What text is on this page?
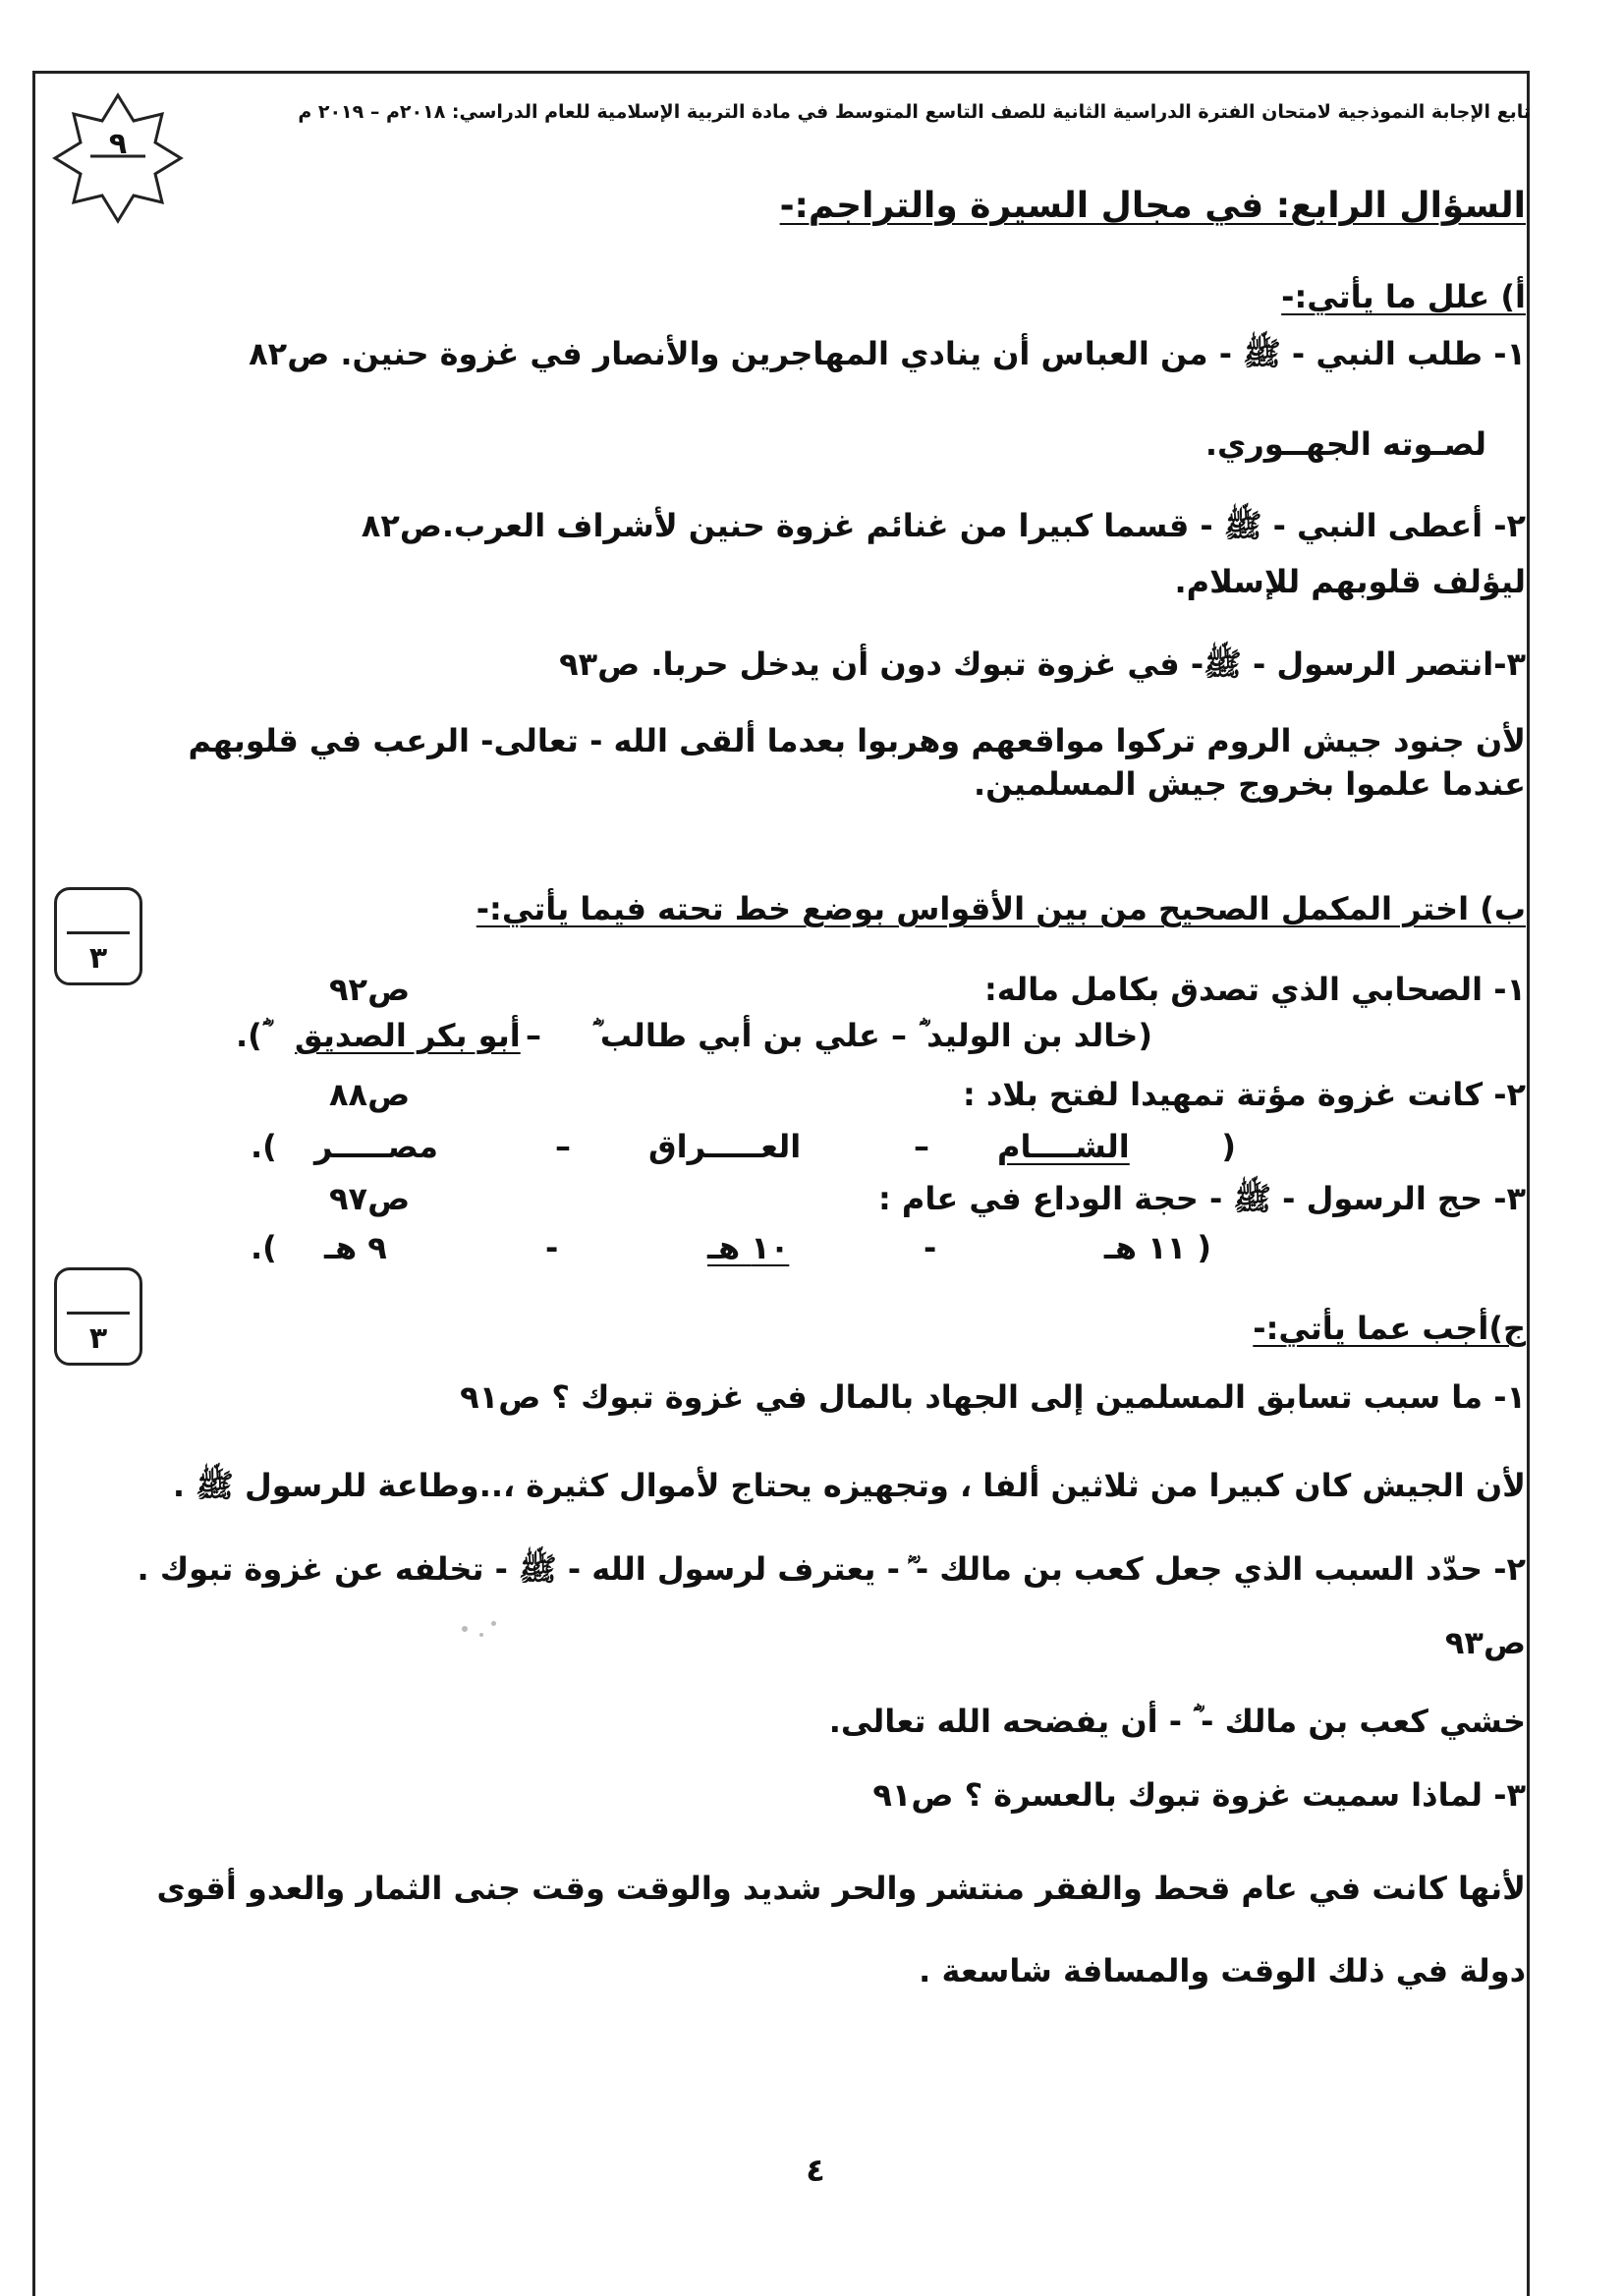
تابع الإجابة النموذجية لامتحان الفترة الدراسية الثانية للصف التاسع المتوسط في مادة التربية الإسلامية للعام الدراسي: ٢٠١٨م – ٢٠١٩ م
٩
السؤال الرابع: في مجال السيرة والتراجم:-
أ) علل ما يأتي:-
١- طلب النبي - ﷺ - من العباس أن ينادي المهاجرين والأنصار في غزوة حنين. ص٨٢
لصـوته الجهــوري.
٢- أعطى النبي - ﷺ - قسما كبيرا من غنائم غزوة حنين لأشراف العرب.ص٨٢
ليؤلف قلوبهم للإسلام.
٣-انتصر الرسول - ﷺ- في غزوة تبوك دون أن يدخل حربا. ص٩٣
لأن جنود جيش الروم تركوا مواقعهم وهربوا بعدما ألقى الله - تعالى- الرعب في قلوبهم عندما علموا بخروج جيش المسلمين.
٣
ب) اختر المكمل الصحيح من بين الأقواس بوضع خط تحته فيما يأتي:-
١- الصحابي الذي تصدق بكامل ماله:
ص٩٢
(خالد بن الوليد ؓ
– علي بن أبي طالب ؓ
–
أبو بكر الصديق
ؓ).
٢- كانت غزوة مؤتة تمهيدا لفتح بلاد :
ص٨٨
(
الشــــام
–
العـــــراق
–
مصـــــر
).
٣- حج الرسول - ﷺ - حجة الوداع في عام :
ص٩٧
( ١١ هـ
-
١٠ هـ
-
٩ هـ
).
٣	ج)أجب عما يأتي:-
١- ما سبب تسابق المسلمين إلى الجهاد بالمال في غزوة تبوك ؟ ص٩١
لأن الجيش كان كبيرا من ثلاثين ألفا ، وتجهيزه يحتاج لأموال كثيرة ،..وطاعة للرسول ﷺ .
٢- حدّد السبب الذي جعل كعب بن مالك - ؓ - يعترف لرسول الله - ﷺ - تخلفه عن غزوة تبوك .
ص٩٣
خشي كعب بن مالك - ؓ - أن يفضحه الله تعالى.
٣- لماذا سميت غزوة تبوك بالعسرة ؟ ص٩١
لأنها كانت في عام قحط والفقر منتشر والحر شديد والوقت وقت جنى الثمار والعدو أقوى دولة في ذلك الوقت والمسافة شاسعة .
٤
